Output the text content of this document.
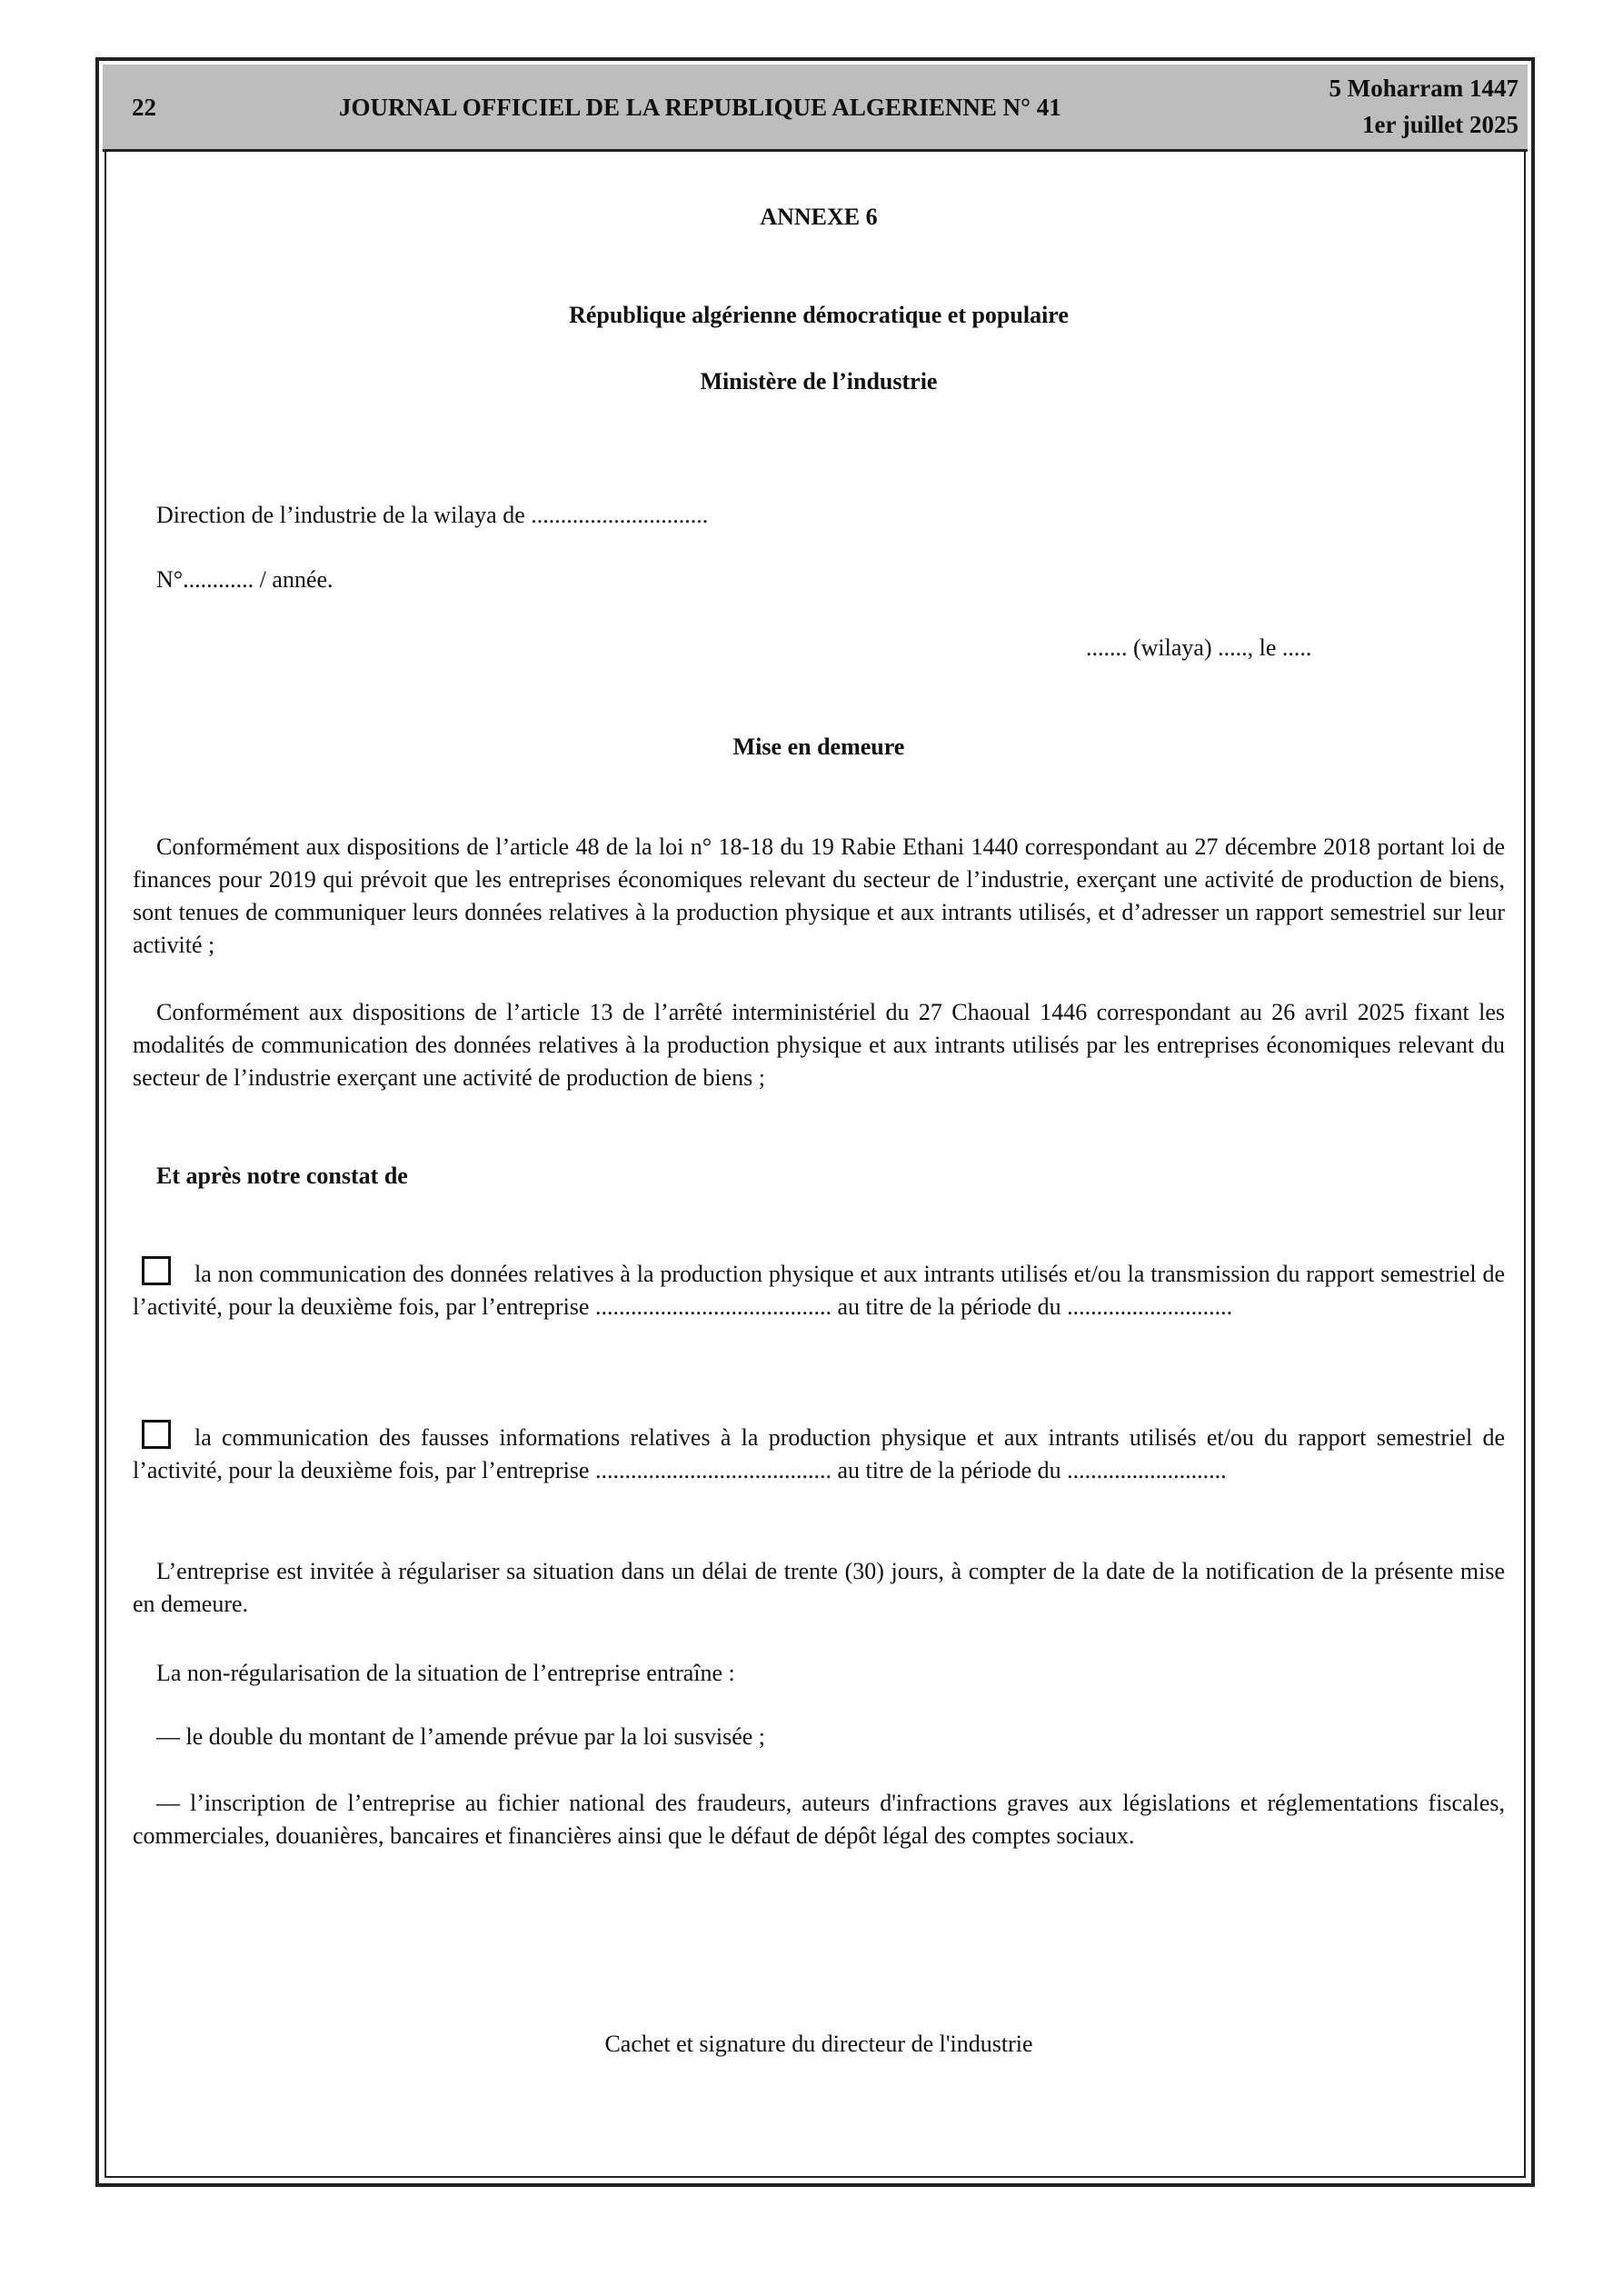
22	JOURNAL OFFICIEL DE LA REPUBLIQUE ALGERIENNE N° 41
5 Moharram 1447
1er juillet 2025
ANNEXE 6
République algérienne démocratique et populaire
Ministère de l’industrie
Direction de l’industrie de la wilaya de ..............................
N°............ / année.
....... (wilaya) ....., le .....
Mise en demeure
Conformément aux dispositions de l’article 48 de la loi n° 18-18 du 19 Rabie Ethani 1440 correspondant au 27 décembre 2018 portant loi de finances pour 2019 qui prévoit que les entreprises économiques relevant du secteur de l’industrie, exerçant une activité de production de biens, sont tenues de communiquer leurs données relatives à la production physique et aux intrants utilisés, et d’adresser un rapport semestriel sur leur activité ;
Conformément aux dispositions de l’article 13 de l’arrêté interministériel du 27 Chaoual 1446 correspondant au 26 avril 2025 fixant les modalités de communication des données relatives à la production physique et aux intrants utilisés par les entreprises économiques relevant du secteur de l’industrie exerçant une activité de production de biens ;
Et après notre constat de
la non communication des données relatives à la production physique et aux intrants utilisés et/ou la transmission du rapport semestriel de l’activité, pour la deuxième fois, par l’entreprise ........................................ au titre de la période du ............................
la communication des fausses informations relatives à la production physique et aux intrants utilisés et/ou du rapport semestriel de l’activité, pour la deuxième fois, par l’entreprise ........................................ au titre de la période du ...........................
L’entreprise est invitée à régulariser sa situation dans un délai de trente (30) jours, à compter de la date de la notification de la présente mise en demeure.
La non-régularisation de la situation de l’entreprise entraîne :
— le double du montant de l’amende prévue par la loi susvisée ;
— l’inscription de l’entreprise au fichier national des fraudeurs, auteurs d'infractions graves aux législations et réglementations fiscales, commerciales, douanières, bancaires et financières ainsi que le défaut de dépôt légal des comptes sociaux.
Cachet et signature du directeur de l'industrie
